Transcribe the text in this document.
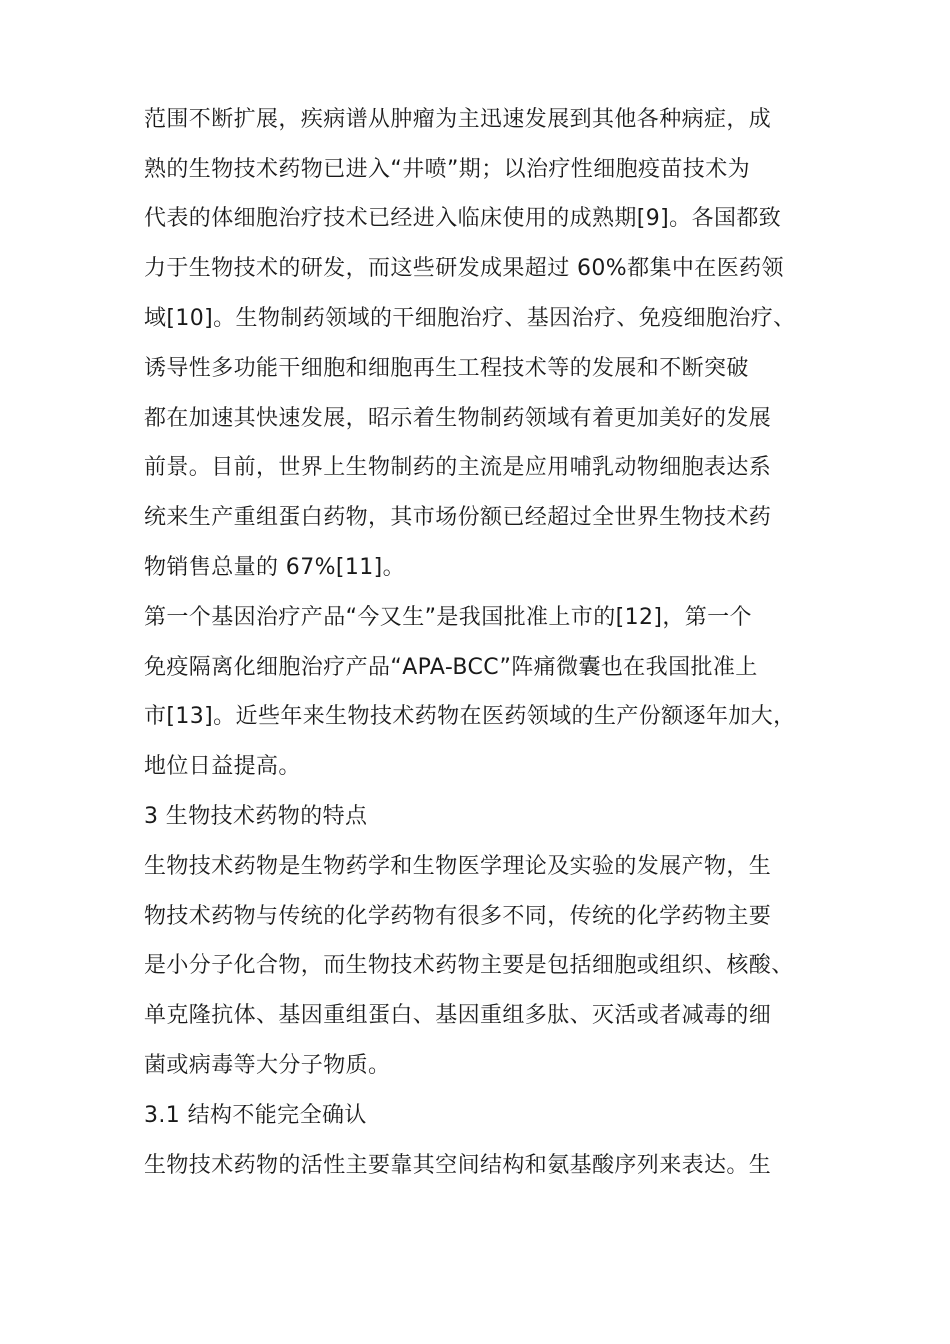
范围不断扩展，疾病谱从肿瘤为主迅速发展到其他各种病症，成

熟的生物技术药物已进入“井喷”期；以治疗性细胞疫苗技术为

代表的体细胞治疗技术已经进入临床使用的成熟期[9]。各国都致

力于生物技术的研发，而这些研发成果超过 60%都集中在医药领

域[10]。生物制药领域的干细胞治疗、基因治疗、免疫细胞治疗、

诱导性多功能干细胞和细胞再生工程技术等的发展和不断突破

都在加速其快速发展，昭示着生物制药领域有着更加美好的发展

前景。目前，世界上生物制药的主流是应用哺乳动物细胞表达系

统来生产重组蛋白药物，其市场份额已经超过全世界生物技术药

物销售总量的 67%[11]。

第一个基因治疗产品“今又生”是我国批准上市的[12]，第一个

免疫隔离化细胞治疗产品“APA-BCC”阵痛微囊也在我国批准上

市[13]。近些年来生物技术药物在医药领域的生产份额逐年加大，

地位日益提高。

3 生物技术药物的特点

生物技术药物是生物药学和生物医学理论及实验的发展产物，生

物技术药物与传统的化学药物有很多不同，传统的化学药物主要

是小分子化合物，而生物技术药物主要是包括细胞或组织、核酸、

单克隆抗体、基因重组蛋白、基因重组多肽、灭活或者减毒的细

菌或病毒等大分子物质。

3.1 结构不能完全确认

生物技术药物的活性主要靠其空间结构和氨基酸序列来表达。生
